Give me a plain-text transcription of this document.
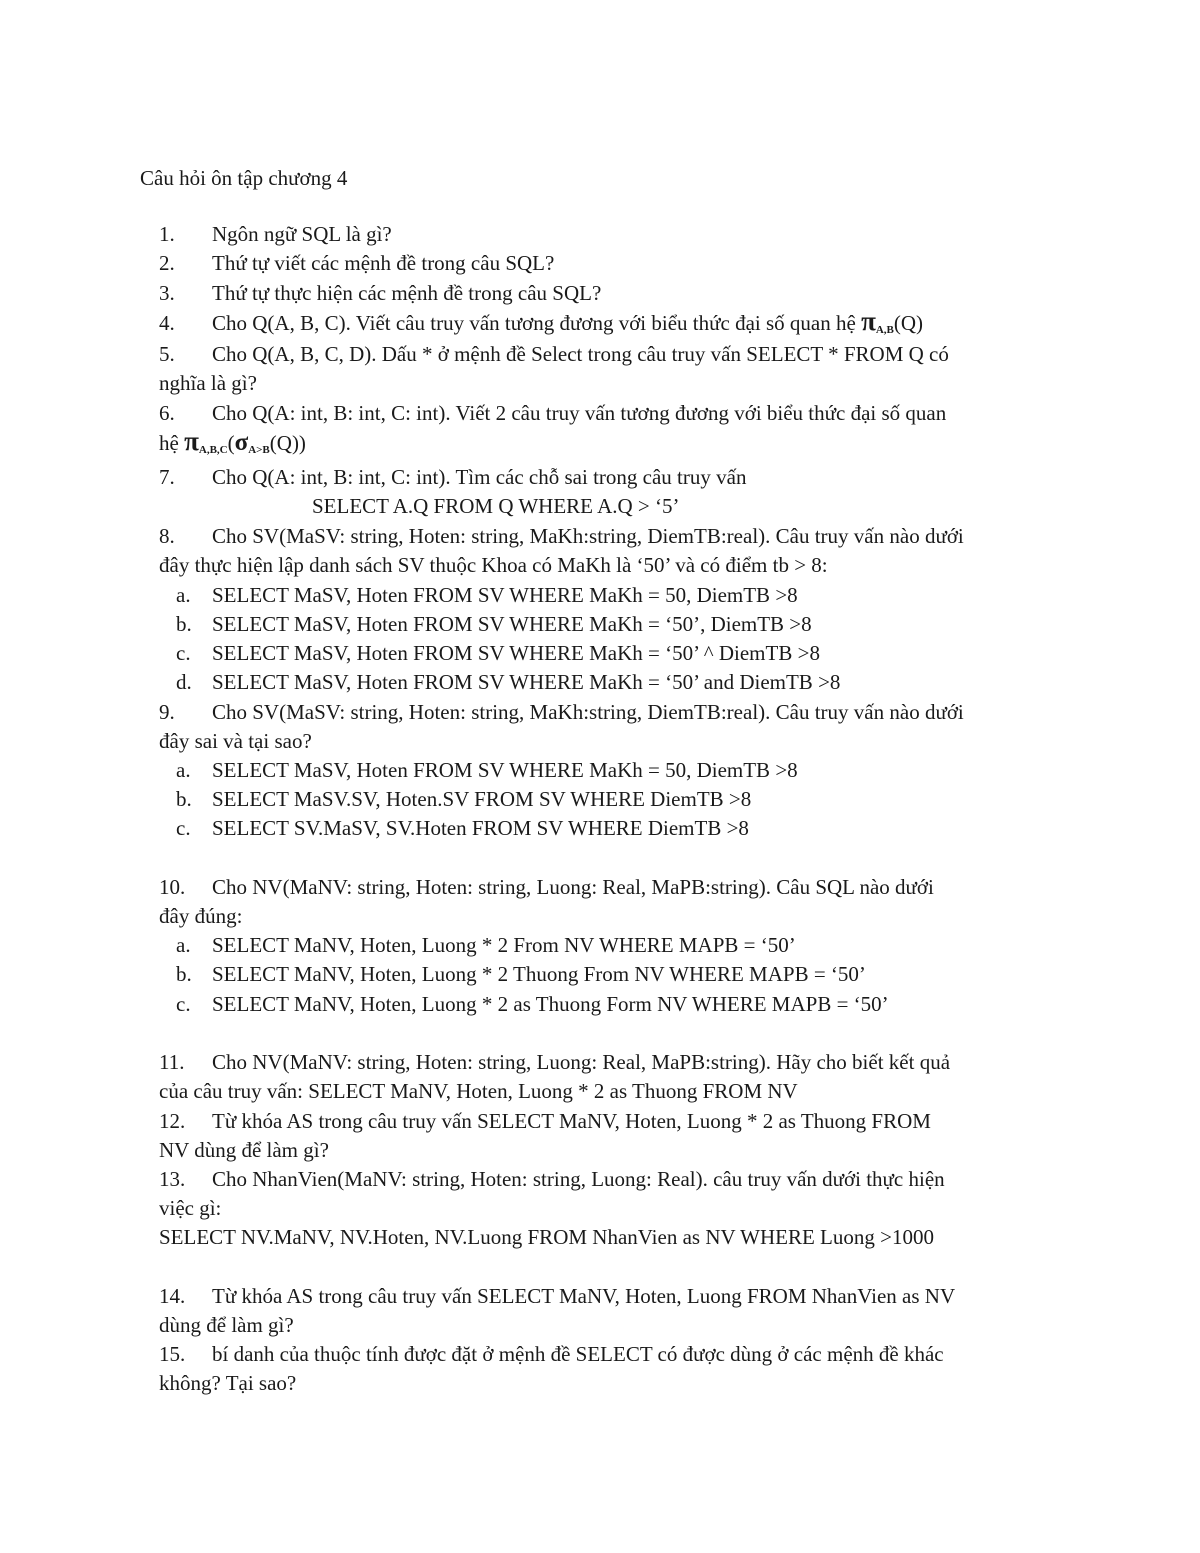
Câu hỏi ôn tập chương 4
1. Ngôn ngữ SQL là gì?
2. Thứ tự viết các mệnh đề trong câu SQL?
3. Thứ tự thực hiện các mệnh đề trong câu SQL?
4. Cho Q(A, B, C). Viết câu truy vấn tương đương với biểu thức đại số quan hệ πA,B(Q)
5. Cho Q(A, B, C, D). Dấu * ở mệnh đề Select trong câu truy vấn SELECT * FROM Q có
nghĩa là gì?
6. Cho Q(A: int, B: int, C: int). Viết 2 câu truy vấn tương đương với biểu thức đại số quan
hệ πA,B,C(σA>B(Q))
7. Cho Q(A: int, B: int, C: int). Tìm các chỗ sai trong câu truy vấn
SELECT A.Q FROM Q WHERE A.Q > ‘5’
8. Cho SV(MaSV: string, Hoten: string, MaKh:string, DiemTB:real). Câu truy vấn nào dưới
đây thực hiện lập danh sách SV thuộc Khoa có MaKh là ‘50’ và có điểm tb > 8:
a. SELECT MaSV, Hoten FROM SV WHERE MaKh = 50, DiemTB >8
b. SELECT MaSV, Hoten FROM SV WHERE MaKh = ‘50’, DiemTB >8
c. SELECT MaSV, Hoten FROM SV WHERE MaKh = ‘50’ ^ DiemTB >8
d. SELECT MaSV, Hoten FROM SV WHERE MaKh = ‘50’ and DiemTB >8
9. Cho SV(MaSV: string, Hoten: string, MaKh:string, DiemTB:real). Câu truy vấn nào dưới
đây sai và tại sao?
a. SELECT MaSV, Hoten FROM SV WHERE MaKh = 50, DiemTB >8
b. SELECT MaSV.SV, Hoten.SV FROM SV WHERE DiemTB >8
c. SELECT SV.MaSV, SV.Hoten FROM SV WHERE DiemTB >8
10. Cho NV(MaNV: string, Hoten: string, Luong: Real, MaPB:string). Câu SQL nào dưới
đây đúng:
a. SELECT MaNV, Hoten, Luong * 2 From NV WHERE MAPB = ‘50’
b. SELECT MaNV, Hoten, Luong * 2 Thuong From NV WHERE MAPB = ‘50’
c. SELECT MaNV, Hoten, Luong * 2 as Thuong Form NV WHERE MAPB = ‘50’
11. Cho NV(MaNV: string, Hoten: string, Luong: Real, MaPB:string). Hãy cho biết kết quả
của câu truy vấn: SELECT MaNV, Hoten, Luong * 2 as Thuong FROM NV
12. Từ khóa AS trong câu truy vấn SELECT MaNV, Hoten, Luong * 2 as Thuong FROM
NV dùng để làm gì?
13. Cho NhanVien(MaNV: string, Hoten: string, Luong: Real). câu truy vấn dưới thực hiện
việc gì:
SELECT NV.MaNV, NV.Hoten, NV.Luong FROM NhanVien as NV WHERE Luong >1000
14. Từ khóa AS trong câu truy vấn SELECT MaNV, Hoten, Luong FROM NhanVien as NV
dùng để làm gì?
15. bí danh của thuộc tính được đặt ở mệnh đề SELECT có được dùng ở các mệnh đề khác
không? Tại sao?
